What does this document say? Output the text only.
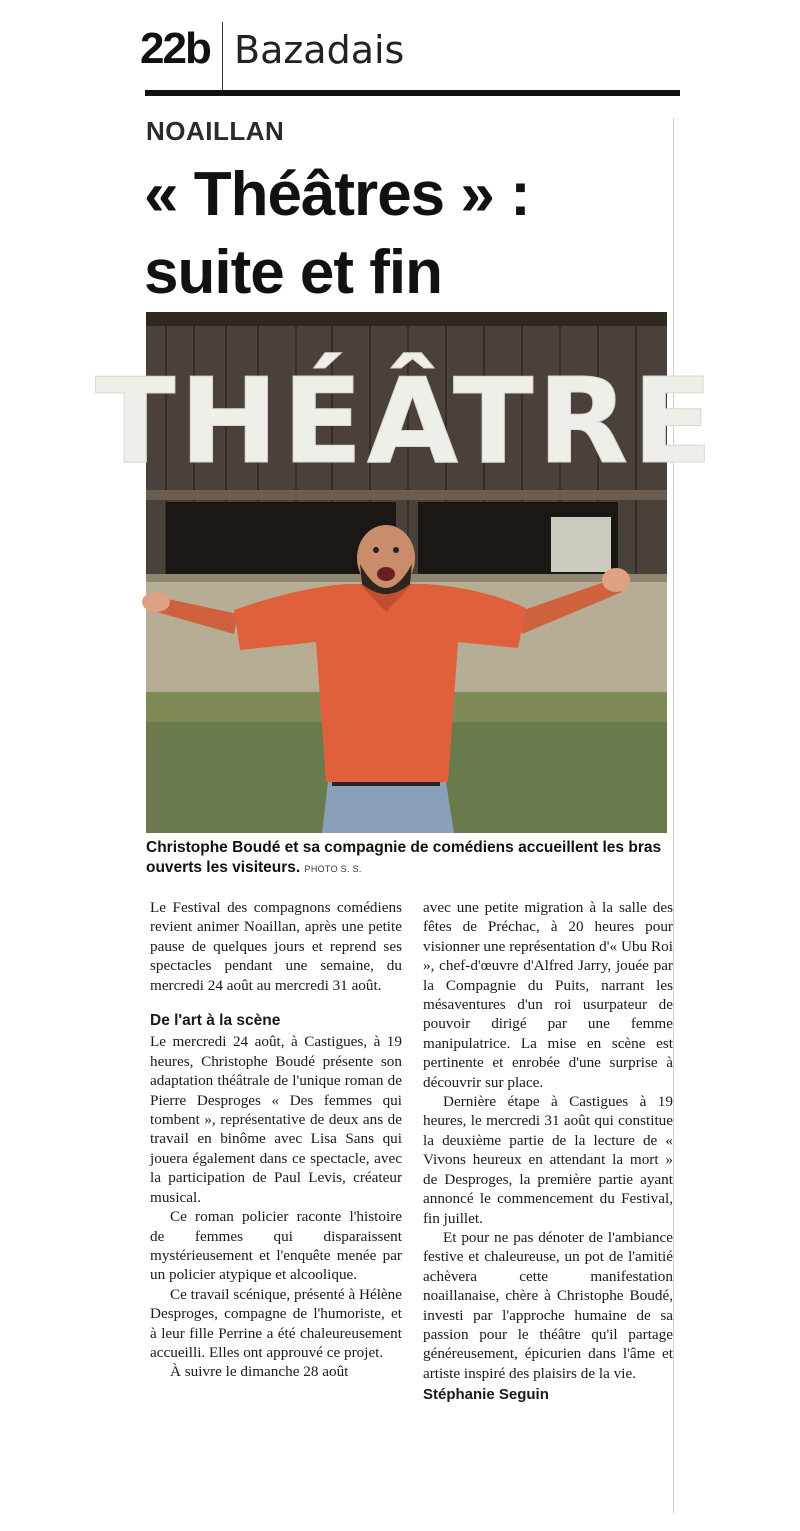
22b Bazadais
NOAILLAN
« Théâtres » :
suite et fin
THÉÂTRE
Christophe Boudé et sa compagnie de comédiens accueillent les bras ouverts les visiteurs. PHOTO S. S.

Le Festival des compagnons comédiens revient animer Noaillan, après une petite pause de quelques jours et reprend ses spectacles pendant une semaine, du mercredi 24 août au mercredi 31 août.

De l'art à la scène

Le mercredi 24 août, à Castigues, à 19 heures, Christophe Boudé présente son adaptation théâtrale de l'unique roman de Pierre Desproges « Des femmes qui tombent », représentative de deux ans de travail en binôme avec Lisa Sans qui jouera également dans ce spectacle, avec la participation de Paul Levis, créateur musical.

Ce roman policier raconte l'histoire de femmes qui disparaissent mystérieusement et l'enquête menée par un policier atypique et alcoolique.

Ce travail scénique, présenté à Hélène Desproges, compagne de l'humoriste, et à leur fille Perrine a été chaleureusement accueilli. Elles ont approuvé ce projet.

À suivre le dimanche 28 août

avec une petite migration à la salle des fêtes de Préchac, à 20 heures pour visionner une représentation d'« Ubu Roi », chef-d'œuvre d'Alfred Jarry, jouée par la Compagnie du Puits, narrant les mésaventures d'un roi usurpateur de pouvoir dirigé par une femme manipulatrice. La mise en scène est pertinente et enrobée d'une surprise à découvrir sur place.

Dernière étape à Castigues à 19 heures, le mercredi 31 août qui constitue la deuxième partie de la lecture de « Vivons heureux en attendant la mort » de Desproges, la première partie ayant annoncé le commencement du Festival, fin juillet.

Et pour ne pas dénoter de l'ambiance festive et chaleureuse, un pot de l'amitié achèvera cette manifestation noaillanaise, chère à Christophe Boudé, investi par l'approche humaine de sa passion pour le théâtre qu'il partage généreusement, épicurien dans l'âme et artiste inspiré des plaisirs de la vie.

Stéphanie Seguin
